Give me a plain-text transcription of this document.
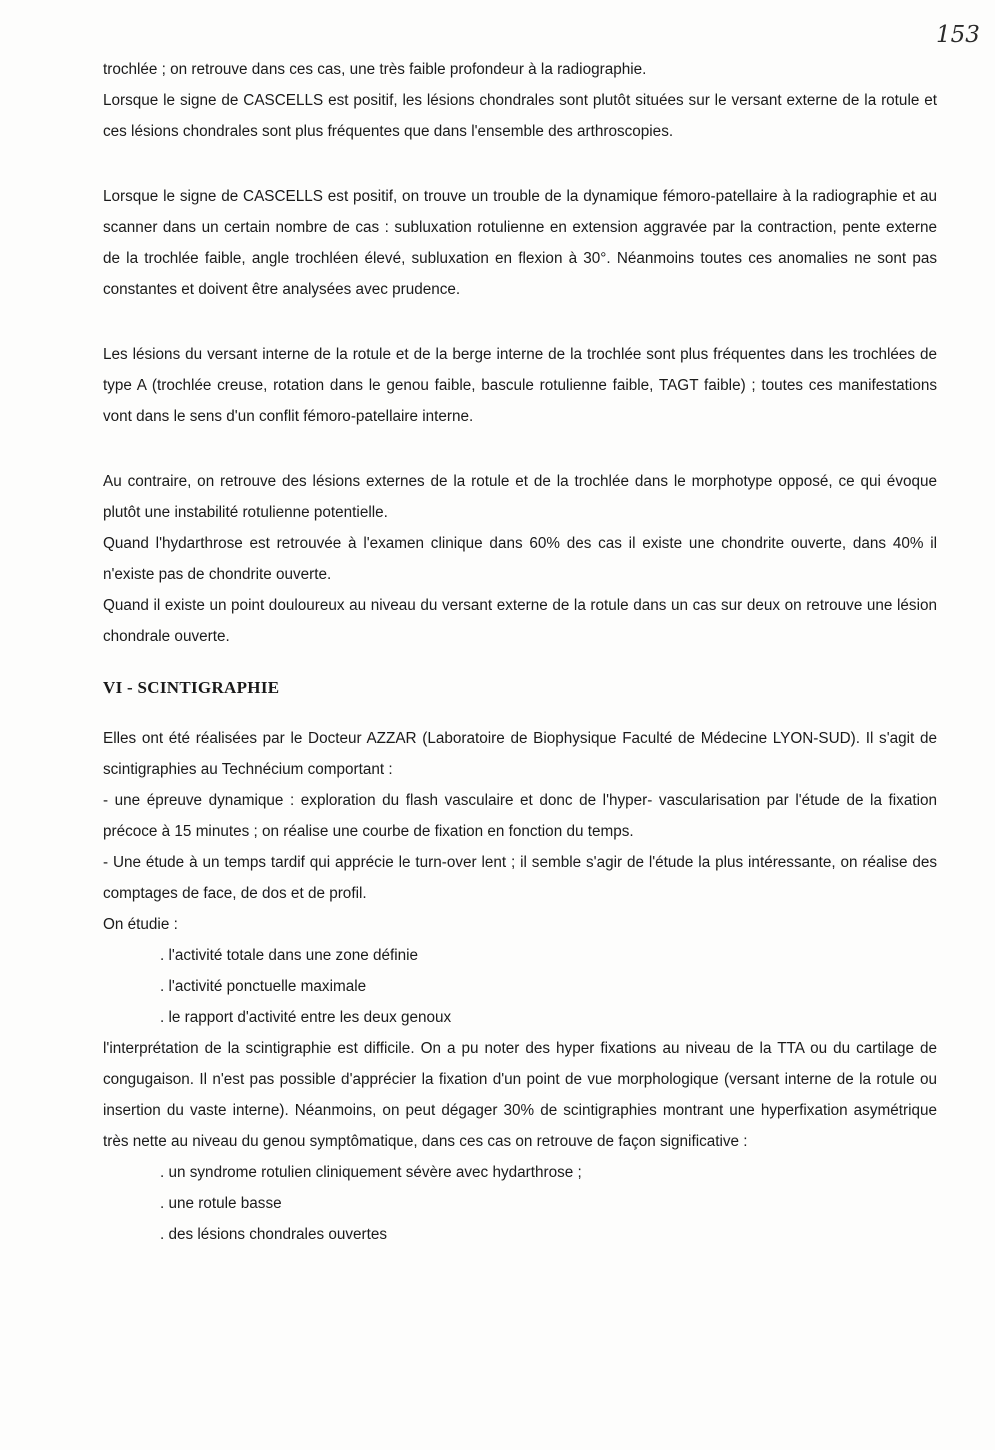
153

trochlée ; on retrouve dans ces cas, une très faible profondeur à la radiographie.

Lorsque le signe de CASCELLS est positif, les lésions chondrales sont plutôt situées sur le versant externe de la rotule et ces lésions chondrales sont plus fréquentes que dans l'ensemble des arthroscopies.

Lorsque le signe de CASCELLS est positif, on trouve un trouble de la dynamique fémoro-patellaire à la radiographie et au scanner dans un certain nombre de cas : subluxation rotulienne en extension aggravée par la contraction, pente externe de la trochlée faible, angle trochléen élevé, subluxation en flexion à 30°. Néanmoins toutes ces anomalies ne sont pas constantes et doivent être analysées avec prudence.

Les lésions du versant interne de la rotule et de la berge interne de la trochlée sont plus fréquentes dans les trochlées de type A (trochlée creuse, rotation dans le genou faible, bascule rotulienne faible, TAGT faible) ; toutes ces manifestations vont dans le sens d'un conflit fémoro-patellaire interne.

Au contraire, on retrouve des lésions externes de la rotule et de la trochlée dans le morphotype opposé, ce qui évoque plutôt une instabilité rotulienne potentielle.

Quand l'hydarthrose est retrouvée à l'examen clinique dans 60% des cas il existe une chondrite ouverte, dans 40% il n'existe pas de chondrite ouverte.

Quand il existe un point douloureux au niveau du versant externe de la rotule dans un cas sur deux on retrouve une lésion chondrale ouverte.

VI - SCINTIGRAPHIE

Elles ont été réalisées par le Docteur AZZAR (Laboratoire de Biophysique Faculté de Médecine LYON-SUD). Il s'agit de scintigraphies au Technécium comportant :

- une épreuve dynamique : exploration du flash vasculaire et donc de l'hyper- vascularisation par l'étude de la fixation précoce à 15 minutes ; on réalise une courbe de fixation en fonction du temps.

- Une étude à un temps tardif qui apprécie le turn-over lent ; il semble s'agir de l'étude la plus intéressante, on réalise des comptages de face, de dos et de profil.

On étudie :

. l'activité totale dans une zone définie

. l'activité ponctuelle maximale

. le rapport d'activité entre les deux genoux

l'interprétation de la scintigraphie est difficile. On a pu noter des hyper fixations au niveau de la TTA ou du cartilage de congugaison. Il n'est pas possible d'apprécier la fixation d'un point de vue morphologique (versant interne de la rotule ou insertion du vaste interne). Néanmoins, on peut dégager 30% de scintigraphies montrant une hyperfixation asymétrique très nette au niveau du genou symptômatique, dans ces cas on retrouve de façon significative :

. un syndrome rotulien cliniquement sévère avec hydarthrose ;

. une rotule basse

. des lésions chondrales ouvertes
